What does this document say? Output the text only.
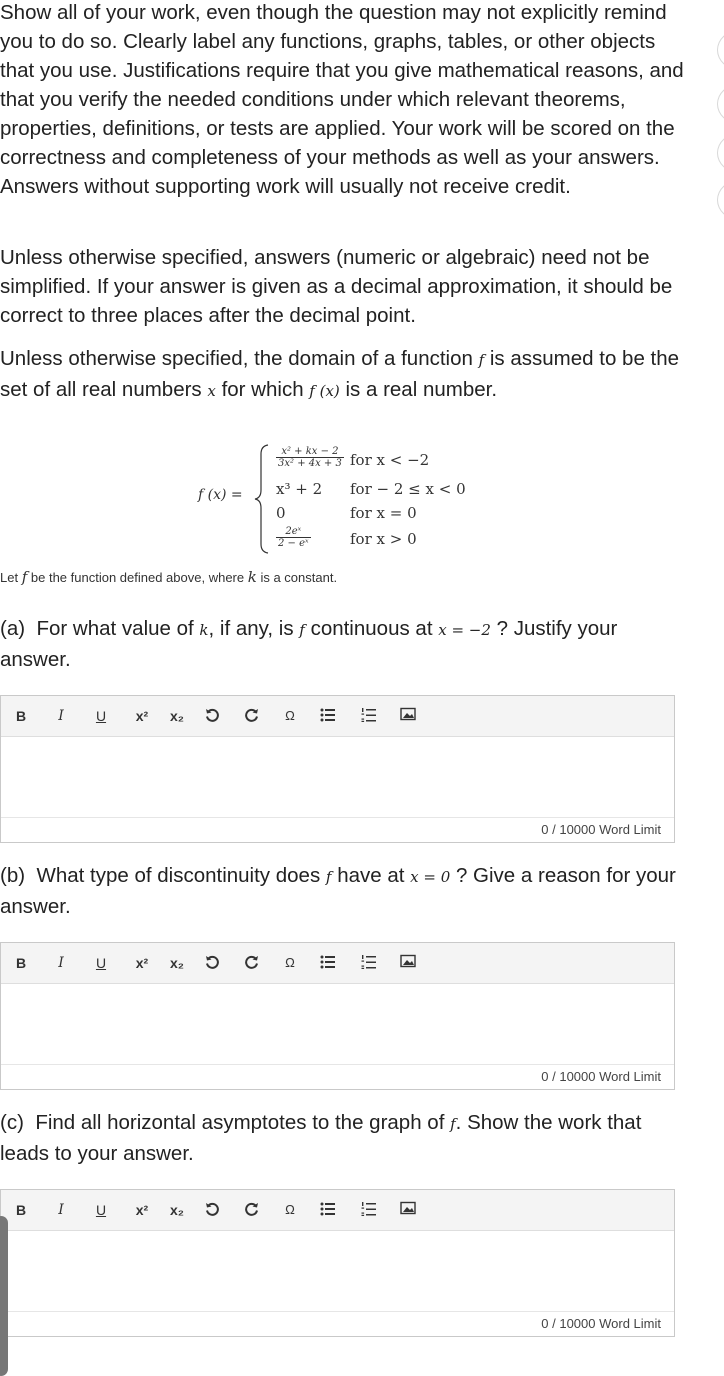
Show all of your work, even though the question may not explicitly remind you to do so. Clearly label any functions, graphs, tables, or other objects that you use. Justifications require that you give mathematical reasons, and that you verify the needed conditions under which relevant theorems, properties, definitions, or tests are applied. Your work will be scored on the correctness and completeness of your methods as well as your answers. Answers without supporting work will usually not receive credit.

Unless otherwise specified, answers (numeric or algebraic) need not be simplified. If your answer is given as a decimal approximation, it should be correct to three places after the decimal point.

Unless otherwise specified, the domain of a function f is assumed to be the set of all real numbers x for which f (x) is a real number.

f (x) =
$\frac{\text{x² + kx − 2}}{\text{3x² + 4x + 3}}$ for x < −2
x³ + 2 for − 2 ≤ x < 0
0	for x = 0
$\frac{\text{2eˣ}}{\text{2 − eˣ}}$	for x > 0
Let f be the function defined above, where k is a constant.

(a) For what value of k, if any, is f continuous at x = −2 ? Justify your answer.

B	I	U	x²	x₂	Ω
0 / 10000 Word Limit

(b) What type of discontinuity does f have at x = 0 ? Give a reason for your answer.

B	I	U	x²	x₂	Ω
0 / 10000 Word Limit

(c) Find all horizontal asymptotes to the graph of f. Show the work that leads to your answer.

B	I	U	x²	x₂	Ω
0 / 10000 Word Limit
